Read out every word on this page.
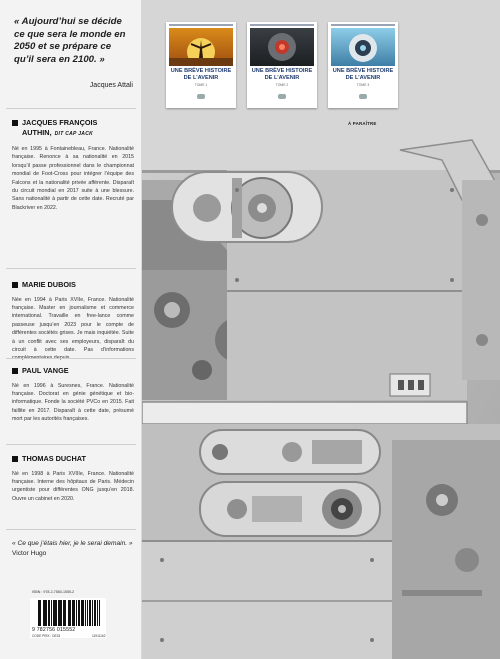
« Aujourd’hui se décide ce que sera le monde en 2050 et se prépare ce qu’il sera en 2100. »
Jacques Attali
JACQUES FRANÇOIS AUTHIN, DIT CAP JACK
Né en 1995 à Fontainebleau, France. Nationalité française. Renonce à sa nationalité en 2015 lorsqu’il passe professionnel dans le championnat mondial de Foot-Cross pour intégrer l’équipe des Falcons et la nationalité privée afférente. Disparaît du circuit mondial en 2017 suite à une blessure. Sans nationalité à partir de cette date. Recruté par Blackriver en 2022.
MARIE DUBOIS
Née en 1994 à Paris XVIIe, France. Nationalité française. Master en journalisme et commerce international. Travaille en free-lance comme passeuse jusqu’en 2023 pour le compte de différentes sociétés grises. Je mais inquiétée. Suite à un conflit avec ses employeurs, disparaît du circuit à cette date. Pas d’informations
PAUL VANGE
Né en 1996 à Suresnes, France. Nationalité française. Doctorat en génie génétique et bio-informatique. Fonde la société PVCo en 2015. Fait faillite en 2017. Disparaît à cette date, présumé mort par les autorités françaises.
THOMAS DUCHAT
Né en 1998 à Paris XVIIIe, France. Nationalité française. Interne des hôpitaux de Paris. Médecin urgentiste pour différentes ONG jusqu’en 2018. Ouvre un cabinet en 2020.
« Ce que j’étais hier, je le serai demain. » Victor Hugo
ISBN : 978-2-7560-1555-2
9 782756 015552
CODE PRIX : DE33	11911162
UNE BRÈVE HISTOIRE DE L’AVENIR
TOME 1
UNE BRÈVE HISTOIRE DE L’AVENIR
TOME 2
UNE BRÈVE HISTOIRE DE L’AVENIR
TOME 3
À PARAÎTRE
